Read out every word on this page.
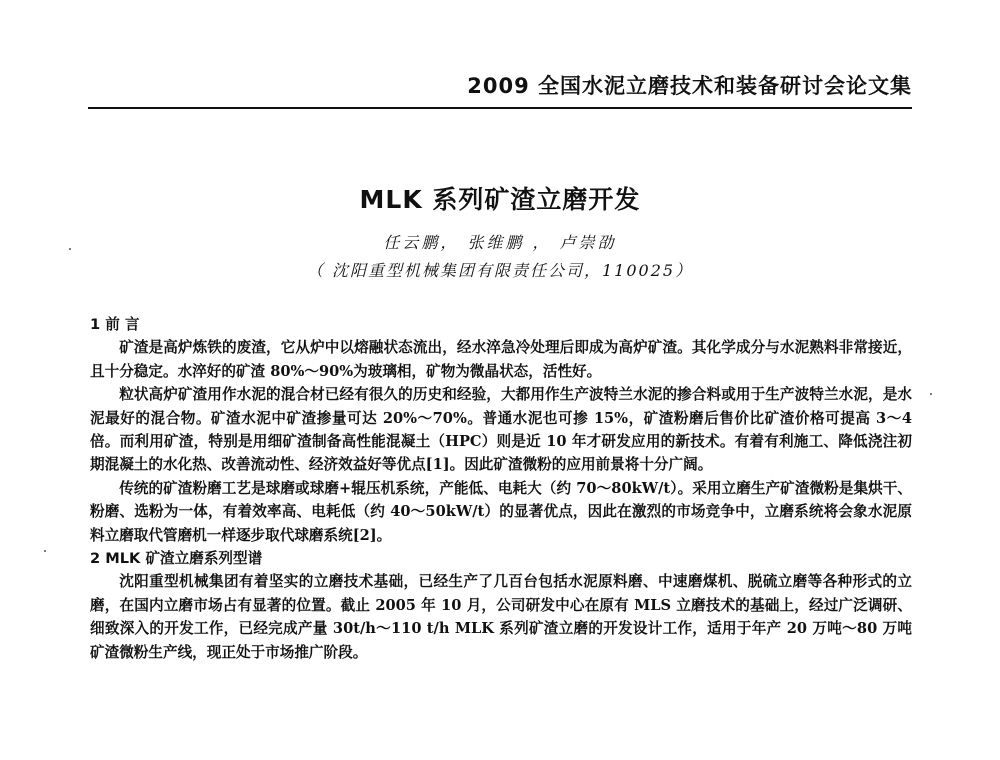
2009 全国水泥立磨技术和装备研讨会论文集
MLK 系列矿渣立磨开发
任云鹏， 张维鹏 ， 卢崇劭
（ 沈阳重型机械集团有限责任公司，110025）

1 前 言

矿渣是高炉炼铁的废渣，它从炉中以熔融状态流出，经水淬急冷处理后即成为高炉矿渣。其化学成分与水泥熟料非常接近，且十分稳定。水淬好的矿渣 80%～90%为玻璃相，矿物为微晶状态，活性好。

粒状高炉矿渣用作水泥的混合材已经有很久的历史和经验，大都用作生产波特兰水泥的掺合料或用于生产波特兰水泥，是水泥最好的混合物。矿渣水泥中矿渣掺量可达 20%～70%。普通水泥也可掺 15%，矿渣粉磨后售价比矿渣价格可提高 3～4 倍。而利用矿渣，特别是用细矿渣制备高性能混凝土（HPC）则是近 10 年才研发应用的新技术。有着有利施工、降低浇注初期混凝土的水化热、改善流动性、经济效益好等优点[1]。因此矿渣微粉的应用前景将十分广阔。

传统的矿渣粉磨工艺是球磨或球磨+辊压机系统，产能低、电耗大（约 70～80kW/t）。采用立磨生产矿渣微粉是集烘干、粉磨、选粉为一体，有着效率高、电耗低（约 40～50kW/t）的显著优点，因此在激烈的市场竞争中，立磨系统将会象水泥原料立磨取代管磨机一样逐步取代球磨系统[2]。

2 MLK 矿渣立磨系列型谱

沈阳重型机械集团有着坚实的立磨技术基础，已经生产了几百台包括水泥原料磨、中速磨煤机、脱硫立磨等各种形式的立磨，在国内立磨市场占有显著的位置。截止 2005 年 10 月，公司研发中心在原有 MLS 立磨技术的基础上，经过广泛调研、细致深入的开发工作，已经完成产量 30t/h～110 t/h MLK 系列矿渣立磨的开发设计工作，适用于年产 20 万吨～80 万吨矿渣微粉生产线，现正处于市场推广阶段。
